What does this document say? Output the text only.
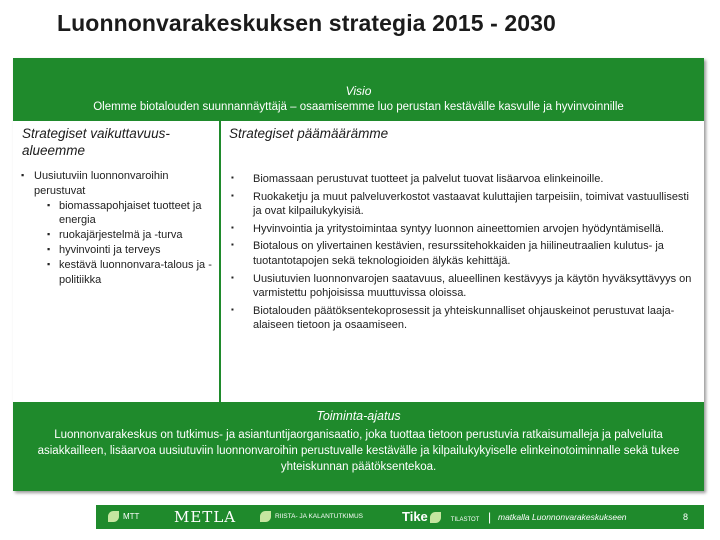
Luonnonvarakeskuksen strategia 2015 - 2030
Visio
Olemme biotalouden suunnannäyttäjä – osaamisemme luo perustan kestävälle kasvulle ja hyvinvoinnille
Strategiset vaikuttavuus-alueemme
▪ Uusiutuviin luonnonvaroihin perustuvat
▪ biomassapohjaiset tuotteet ja energia
▪ ruokajärjestelmä ja -turva
▪ hyvinvointi ja terveys
▪ kestävä luonnonvara-talous ja -politiikka
Strategiset päämäärämme
▪ Biomassaan perustuvat tuotteet ja palvelut tuovat lisäarvoa elinkeinoille.
▪ Ruokaketju ja muut palveluverkostot vastaavat kuluttajien tarpeisiin, toimivat vastuullisesti ja ovat kilpailukykyisiä.
▪ Hyvinvointia ja yritystoimintaa syntyy luonnon aineettomien arvojen hyödyntämisellä.
▪ Biotalous on ylivertainen kestävien, resurssitehokkaiden ja hiilineutraalien kulutus- ja tuotantotapojen sekä teknologioiden älykäs kehittäjä.
▪ Uusiutuvien luonnonvarojen saatavuus, alueellinen kestävyys ja käytön hyväksyttävyys on varmistettu pohjoisissa muuttuvissa oloissa.
▪ Biotalouden päätöksentekoprosessit ja yhteiskunnalliset ohjauskeinot perustuvat laaja-alaiseen tietoon ja osaamiseen.
Toiminta-ajatus
Luonnonvarakeskus on tutkimus- ja asiantuntijaorganisaatio, joka tuottaa tietoon perustuvia ratkaisumalleja ja palveluita asiakkailleen, lisäarvoa uusiutuviin luonnonvaroihin perustuvalle kestävälle ja kilpailukykyiselle elinkeinotoiminnalle sekä tukee yhteiskunnan päätöksentekoa.
MTT METLA	RIISTA- JA KALANTUTKIMUS	Tike	TILASTOT | matkalla Luonnonvarakeskukseen	8
